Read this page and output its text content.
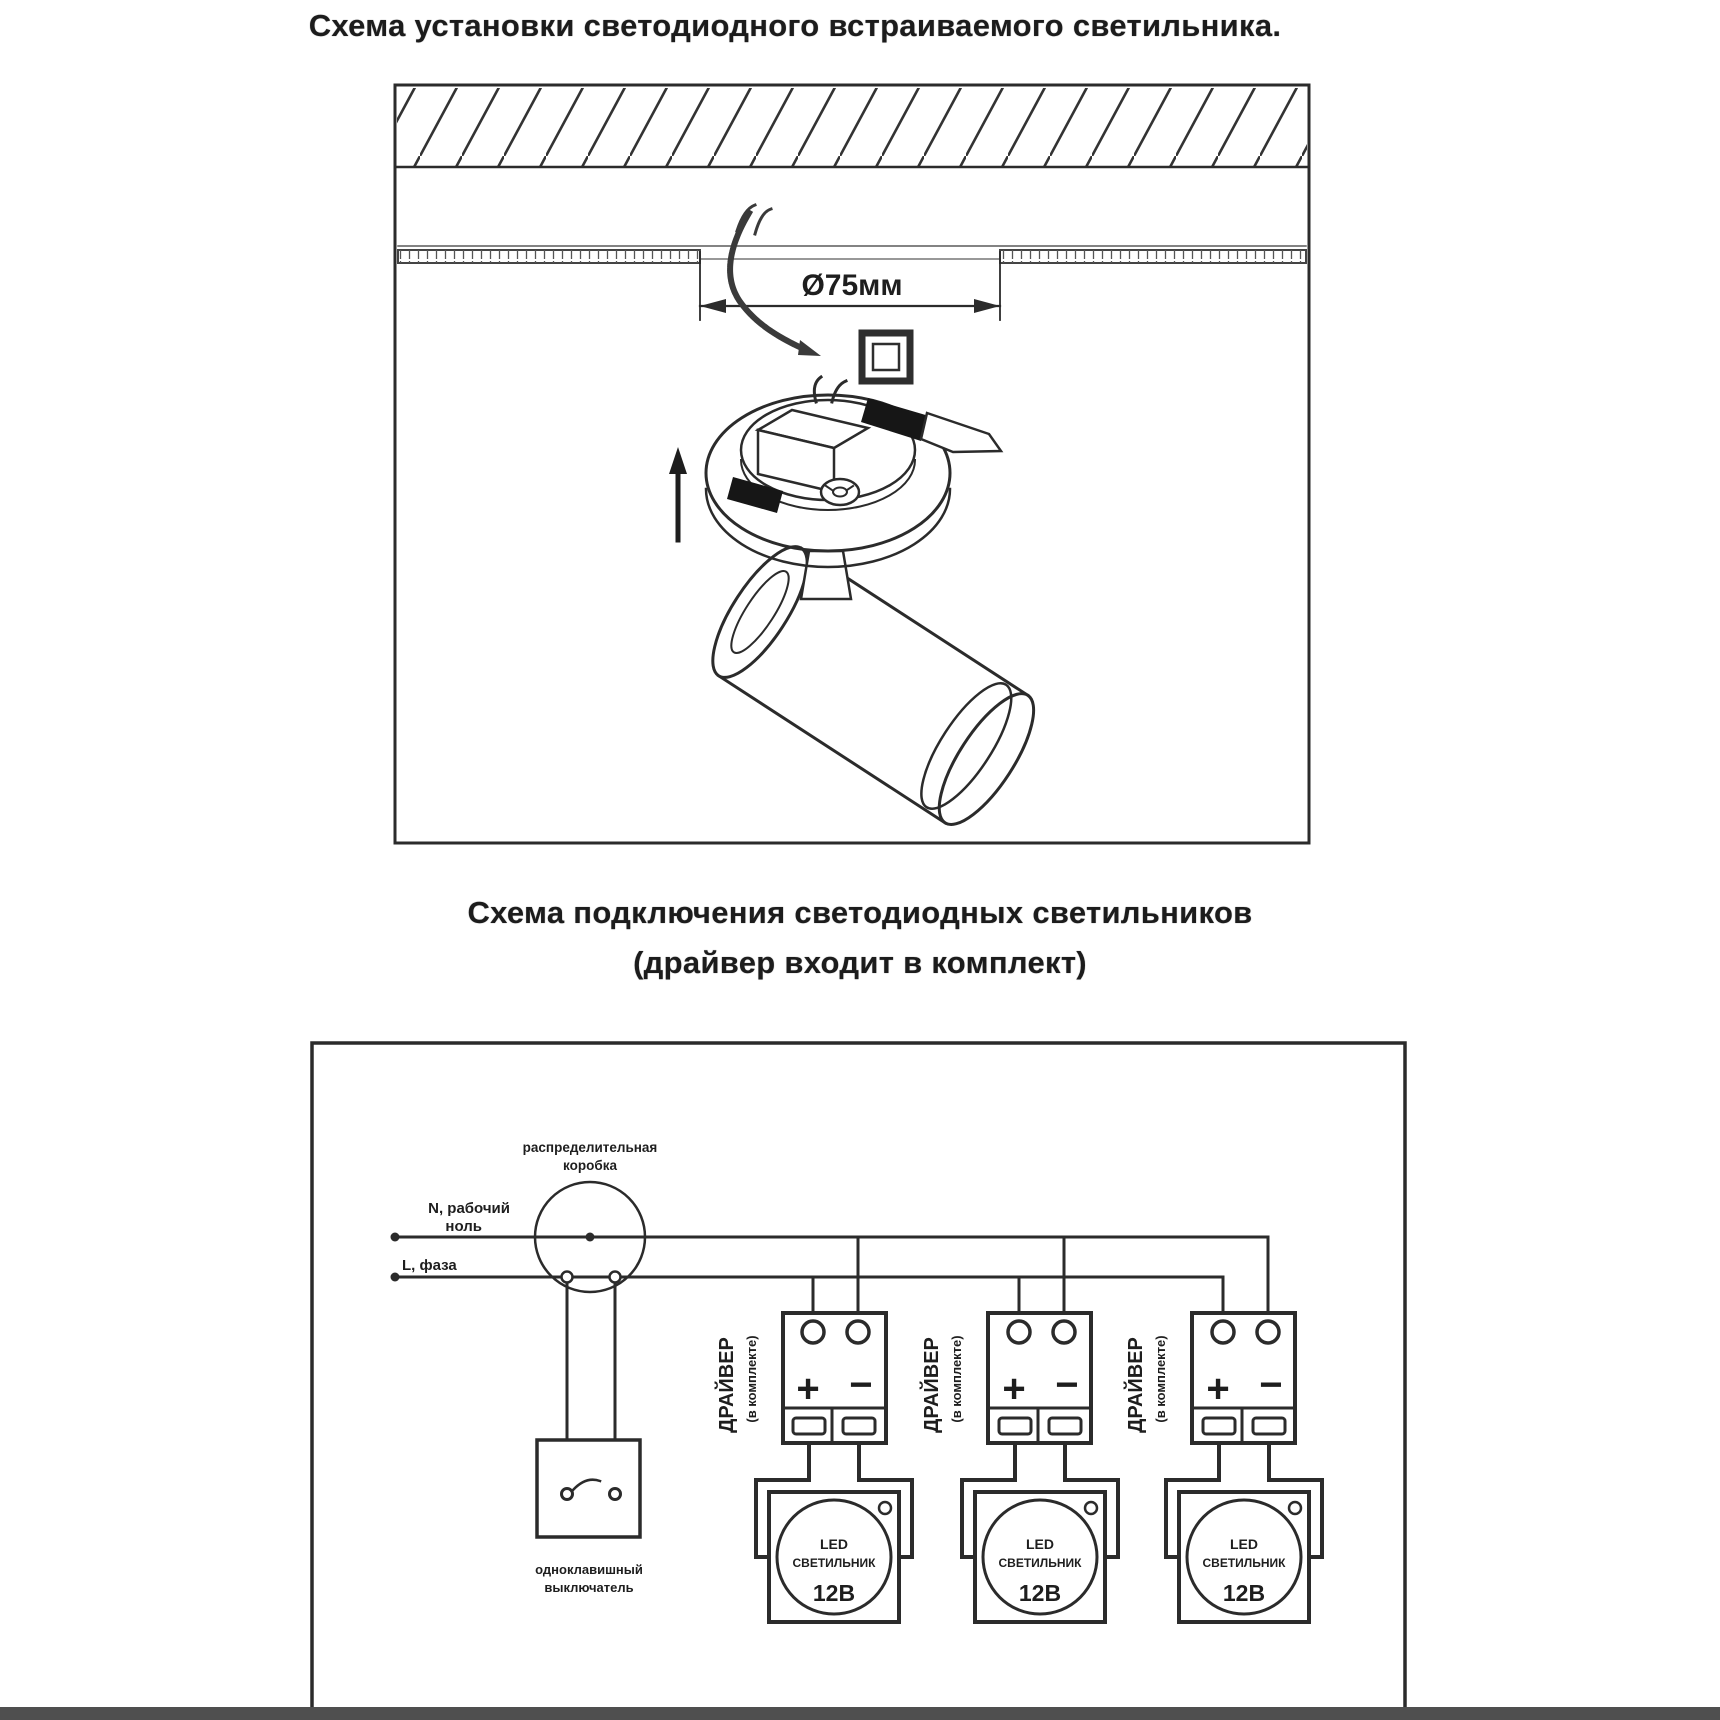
Схема установки светодиодного встраиваемого светильника.
Схема подключения светодиодных светильников
(драйвер входит в комплект)
Ø75мм
N, рабочий
ноль
L, фаза
распределительная
коробка
одноклавишный
выключатель
+ −
ДРАЙВЕР (в комплекте)
LED
СВЕТИЛЬНИК
12В
+ −
ДРАЙВЕР (в комплекте)
LED
СВЕТИЛЬНИК
12В
+ −
ДРАЙВЕР (в комплекте)
LED
СВЕТИЛЬНИК
12В
